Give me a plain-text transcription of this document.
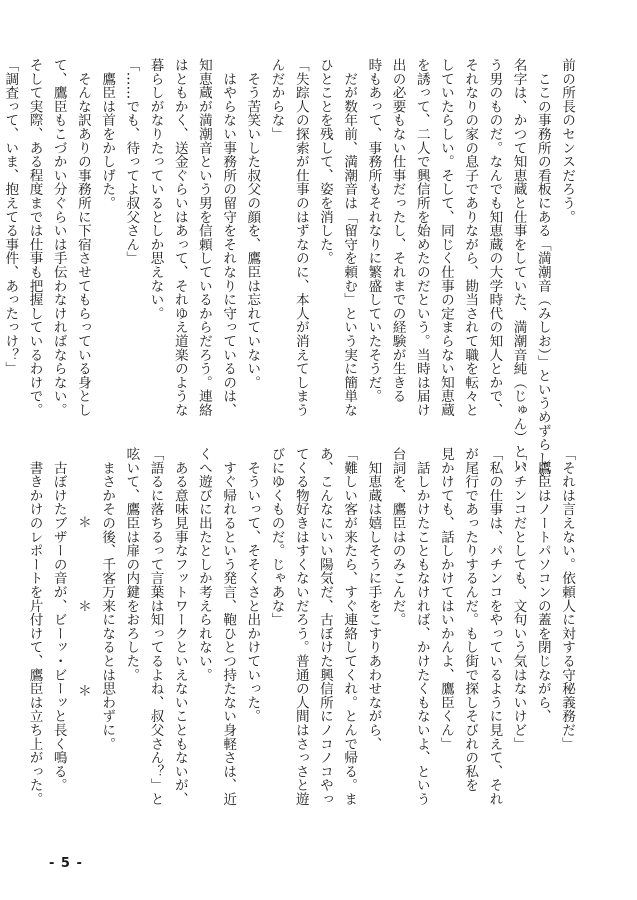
前の所長のセンスだろう。

　ここの事務所の看板にある「満潮音（みしお）」というめずらしい

名字は、かつて知恵蔵と仕事をしていた、満潮音純（じゅん）とい

う男のものだ。なんでも知恵蔵の大学時代の知人とかで、

それなりの家の息子でありながら、勘当されて職を転々と

していたらしい。そして、同じく仕事の定まらない知恵蔵

を誘って、二人で興信所を始めたのだという。当時は届け

出の必要もない仕事だったし、それまでの経験が生きる

時もあって、事務所もそれなりに繁盛していたそうだ。

　だが数年前、満潮音は「留守を頼む」という実に簡単な

ひとことを残して、姿を消した。

「失踪人の探索が仕事のはずなのに、本人が消えてしまう

んだからな」

　そう苦笑いした叔父の顔を、鷹臣は忘れていない。

　はやらない事務所の留守をそれなりに守っているのは、

知恵蔵が満潮音という男を信頼しているからだろう。連絡

はともかく、送金ぐらいはあって、それゆえ道楽のような

暮らしがなりたっているとしか思えない。

「……でも、待ってよ叔父さん」

　鷹臣は首をかしげた。

　そんな訳ありの事務所に下宿させてもらっている身とし

て、鷹臣もこづかい分ぐらいは手伝わなければならない。

そして実際、ある程度までは仕事も把握しているわけで。

「調査って、いま、抱えてる事件、あったっけ？」

「それは言えない。依頼人に対する守秘義務だ」

　鷹臣はノートパソコンの蓋を閉じながら、

「パチンコだとしても、文句いう気はないけど」

「私の仕事は、パチンコをやっているように見えて、それ

が尾行であったりするんだ。もし街で探しそびれの私を

見かけても、話しかけてはいかんよ、鷹臣くん」

　話しかけたこともなければ、かけたくもないよ、という

台詞を、鷹臣はのみこんだ。

　知恵蔵は嬉しそうに手をこすりあわせながら、

「難しい客が来たら、すぐ連絡してくれ。とんで帰る。ま

あ、こんなにいい陽気だ、古ぼけた興信所にノコノコやっ

てくる物好きはすくないだろう。普通の人間はさっさと遊

びにゆくものだ。じゃあな」

　そういって、そそくさと出かけていった。

　すぐ帰れるという発言、鞄ひとつ持たない身軽さは、近

くへ遊びに出たとしか考えられない。

　ある意味見事なフットワークといえないこともないが、

「語るに落ちるって言葉は知ってるよね、叔父さん？」と

呟いて、鷹臣は扉の内鍵をおろした。

　まさかその後、千客万来になるとは思わずに。

＊＊＊

　古ぼけたブザーの音が、ビーッ・ビーッと長く鳴る。

　書きかけのレポートを片付けて、鷹臣は立ち上がった。

- 5 -
